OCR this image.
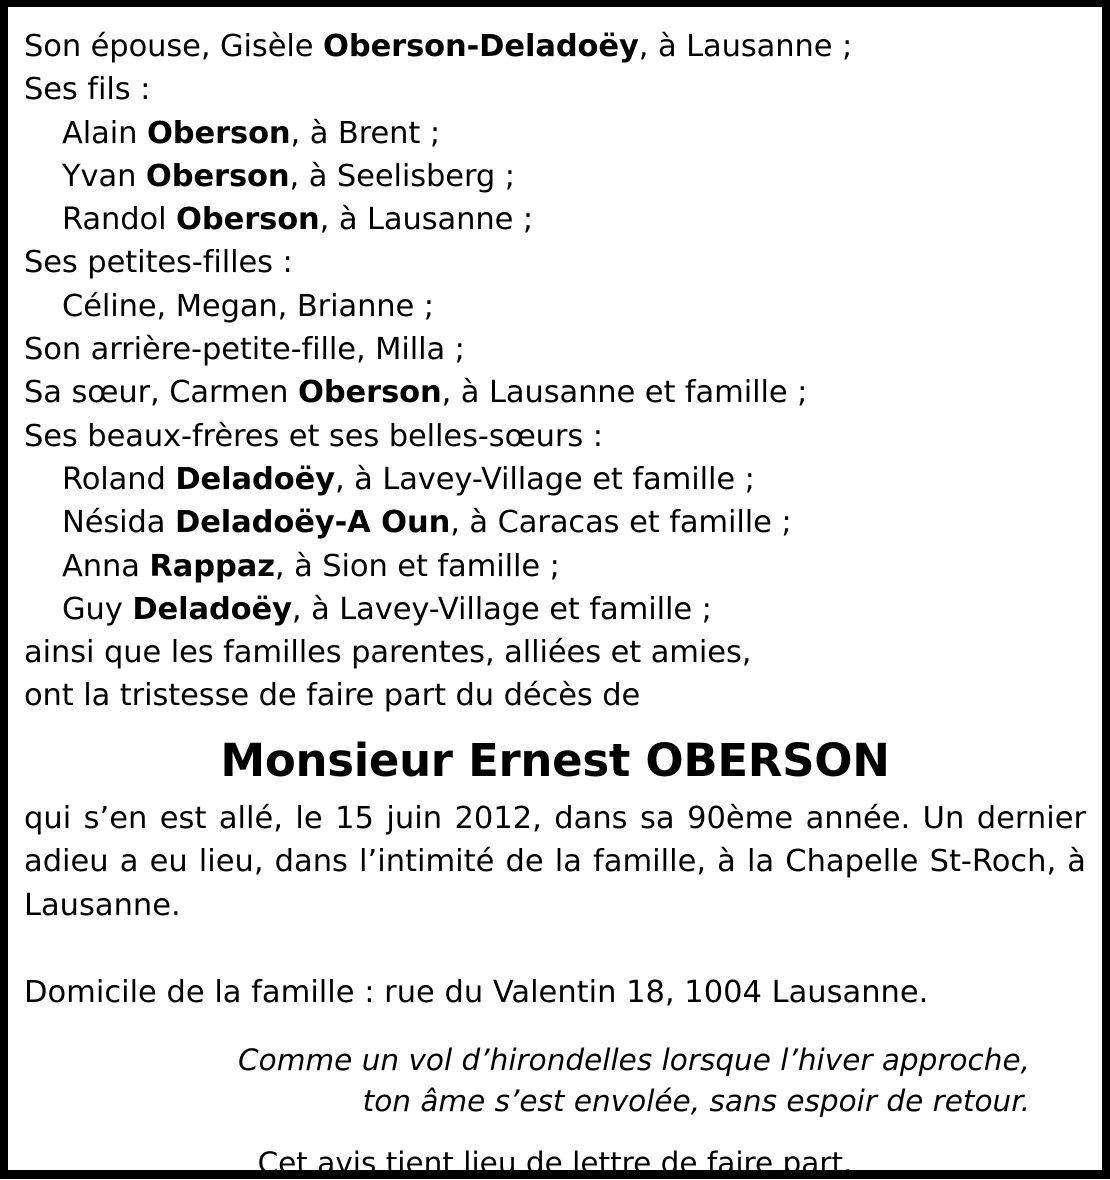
Son épouse, Gisèle Oberson-Deladoëy, à Lausanne ;
Ses fils :
Alain Oberson, à Brent ;
Yvan Oberson, à Seelisberg ;
Randol Oberson, à Lausanne ;
Ses petites-filles :
Céline, Megan, Brianne ;
Son arrière-petite-fille, Milla ;
Sa sœur, Carmen Oberson, à Lausanne et famille ;
Ses beaux-frères et ses belles-sœurs :
Roland Deladoëy, à Lavey-Village et famille ;
Nésida Deladoëy-A Oun, à Caracas et famille ;
Anna Rappaz, à Sion et famille ;
Guy Deladoëy, à Lavey-Village et famille ;
ainsi que les familles parentes, alliées et amies,
ont la tristesse de faire part du décès de
Monsieur Ernest OBERSON
qui s’en est allé, le 15 juin 2012, dans sa 90ème année. Un dernier adieu a eu lieu, dans l’intimité de la famille, à la Chapelle St-Roch, à Lausanne.
Domicile de la famille : rue du Valentin 18, 1004 Lausanne.
Comme un vol d’hirondelles lorsque l’hiver approche,
ton âme s’est envolée, sans espoir de retour.
Cet avis tient lieu de lettre de faire part.
